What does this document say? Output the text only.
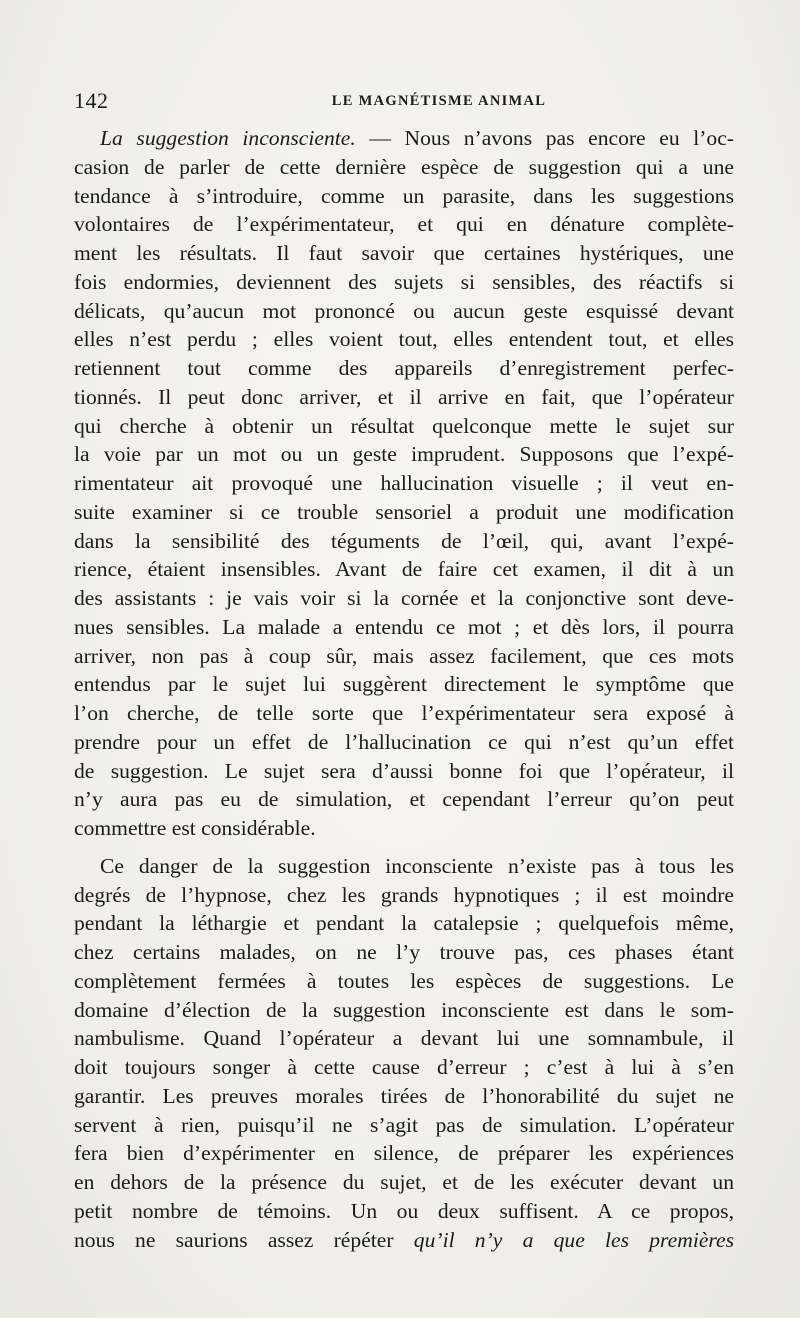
142	LE MAGNÉTISME ANIMAL
La suggestion inconsciente. — Nous n’avons pas encore eu l’oc-
casion de parler de cette dernière espèce de suggestion qui a une
tendance à s’introduire, comme un parasite, dans les suggestions
volontaires de l’expérimentateur, et qui en dénature complète-
ment les résultats. Il faut savoir que certaines hystériques, une
fois endormies, deviennent des sujets si sensibles, des réactifs si
délicats, qu’aucun mot prononcé ou aucun geste esquissé devant
elles n’est perdu ; elles voient tout, elles entendent tout, et elles
retiennent tout comme des appareils d’enregistrement perfec-
tionnés. Il peut donc arriver, et il arrive en fait, que l’opérateur
qui cherche à obtenir un résultat quelconque mette le sujet sur
la voie par un mot ou un geste imprudent. Supposons que l’expé-
rimentateur ait provoqué une hallucination visuelle ; il veut en-
suite examiner si ce trouble sensoriel a produit une modification
dans la sensibilité des téguments de l’œil, qui, avant l’expé-
rience, étaient insensibles. Avant de faire cet examen, il dit à un
des assistants : je vais voir si la cornée et la conjonctive sont deve-
nues sensibles. La malade a entendu ce mot ; et dès lors, il pourra
arriver, non pas à coup sûr, mais assez facilement, que ces mots
entendus par le sujet lui suggèrent directement le symptôme que
l’on cherche, de telle sorte que l’expérimentateur sera exposé à
prendre pour un effet de l’hallucination ce qui n’est qu’un effet
de suggestion. Le sujet sera d’aussi bonne foi que l’opérateur, il
n’y aura pas eu de simulation, et cependant l’erreur qu’on peut
commettre est considérable.
Ce danger de la suggestion inconsciente n’existe pas à tous les
degrés de l’hypnose, chez les grands hypnotiques ; il est moindre
pendant la léthargie et pendant la catalepsie ; quelquefois même,
chez certains malades, on ne l’y trouve pas, ces phases étant
complètement fermées à toutes les espèces de suggestions. Le
domaine d’élection de la suggestion inconsciente est dans le som-
nambulisme. Quand l’opérateur a devant lui une somnambule, il
doit toujours songer à cette cause d’erreur ; c’est à lui à s’en
garantir. Les preuves morales tirées de l’honorabilité du sujet ne
servent à rien, puisqu’il ne s’agit pas de simulation. L’opérateur
fera bien d’expérimenter en silence, de préparer les expériences
en dehors de la présence du sujet, et de les exécuter devant un
petit nombre de témoins. Un ou deux suffisent. A ce propos,
nous ne saurions assez répéter qu’il n’y a que les premières
